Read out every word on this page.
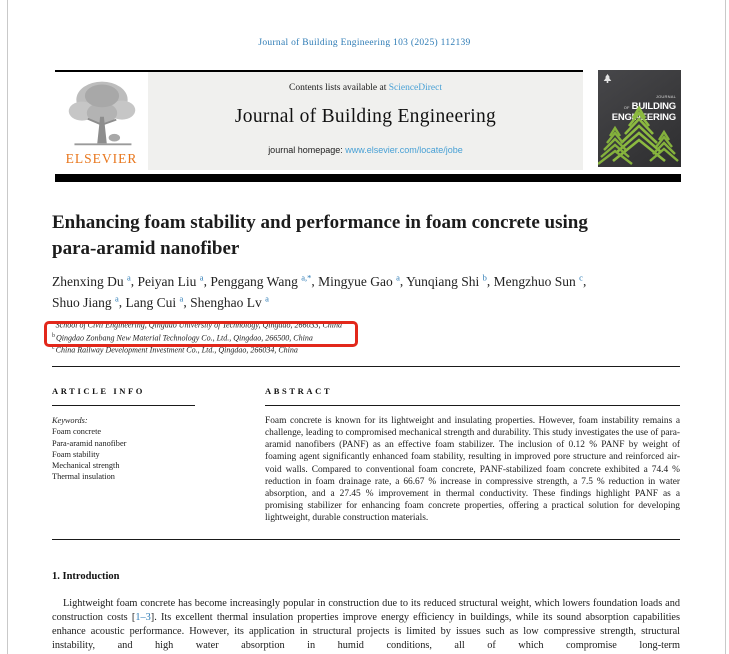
Journal of Building Engineering 103 (2025) 112139
ELSEVIER
Contents lists available at ScienceDirect
Journal of Building Engineering
journal homepage: www.elsevier.com/locate/jobe
JOURNAL OF BUILDING
ENGINEERING
Enhancing foam stability and performance in foam concrete using
para-aramid nanofiber
Zhenxing Du $^a$, Peiyan Liu $^a$, Penggang Wang $^{a,*}$, Mingyue Gao $^a$, Yunqiang Shi $^b$, Mengzhuo Sun $^c$, Shuo Jiang $^a$, Lang Cui $^a$, Shenghao Lv $^a$
$^a$School of Civil Engineering, Qingdao University of Technology, Qingdao, 266033, China
$^b$Qingdao Zonbang New Material Technology Co., Ltd., Qingdao, 266500, China
$^c$China Railway Development Investment Co., Ltd., Qingdao, 266034, China
ARTICLE INFO
Keywords:
Foam concrete
Para-aramid nanofiber
Foam stability
Mechanical strength
Thermal insulation
ABSTRACT

Foam concrete is known for its lightweight and insulating properties. However, foam instability remains a challenge, leading to compromised mechanical strength and durability. This study investigates the use of para-aramid nanofibers (PANF) as an effective foam stabilizer. The inclusion of 0.12 % PANF by weight of foaming agent significantly enhanced foam stability, resulting in improved pore structure and reinforced air-void walls. Compared to conventional foam concrete, PANF-stabilized foam concrete exhibited a 74.4 % reduction in foam drainage rate, a 66.67 % increase in compressive strength, a 7.5 % reduction in water absorption, and a 27.45 % improvement in thermal conductivity. These findings highlight PANF as a promising stabilizer for enhancing foam concrete properties, offering a practical solution for developing lightweight, durable construction materials.

1. Introduction

Lightweight foam concrete has become increasingly popular in construction due to its reduced structural weight, which lowers foundation loads and construction costs [1–3]. Its excellent thermal insulation properties improve energy efficiency in buildings, while its sound absorption capabilities enhance acoustic performance. However, its application in structural projects is limited by issues such as low compressive strength, structural instability, and high water absorption in humid conditions, all of which compromise long-term
